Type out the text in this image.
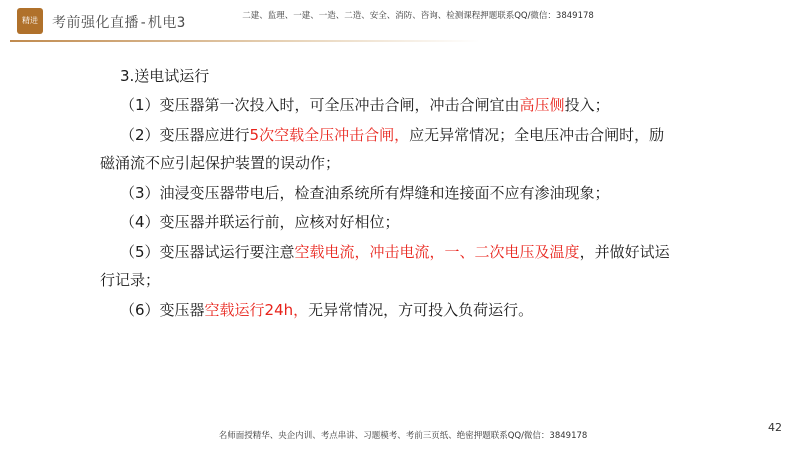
精进	考前强化直播-机电3	二建、监理、一建、一造、二造、安全、消防、咨询、检测课程押题联系QQ/微信：3849178
3.送电试运行
（1）变压器第一次投入时，可全压冲击合闸，冲击合闸宜由高压侧投入；
（2）变压器应进行5次空载全压冲击合闸，应无异常情况；全电压冲击合闸时，励磁涌流不应引起保护装置的误动作；
（3）油浸变压器带电后，检查油系统所有焊缝和连接面不应有渗油现象；
（4）变压器并联运行前，应核对好相位；
（5）变压器试运行要注意空载电流，冲击电流，一、二次电压及温度，并做好试运行记录；
（6）变压器空载运行24h，无异常情况，方可投入负荷运行。
42
名师面授精华、央企内训、考点串讲、习题模考、考前三页纸、绝密押题联系QQ/微信：3849178
